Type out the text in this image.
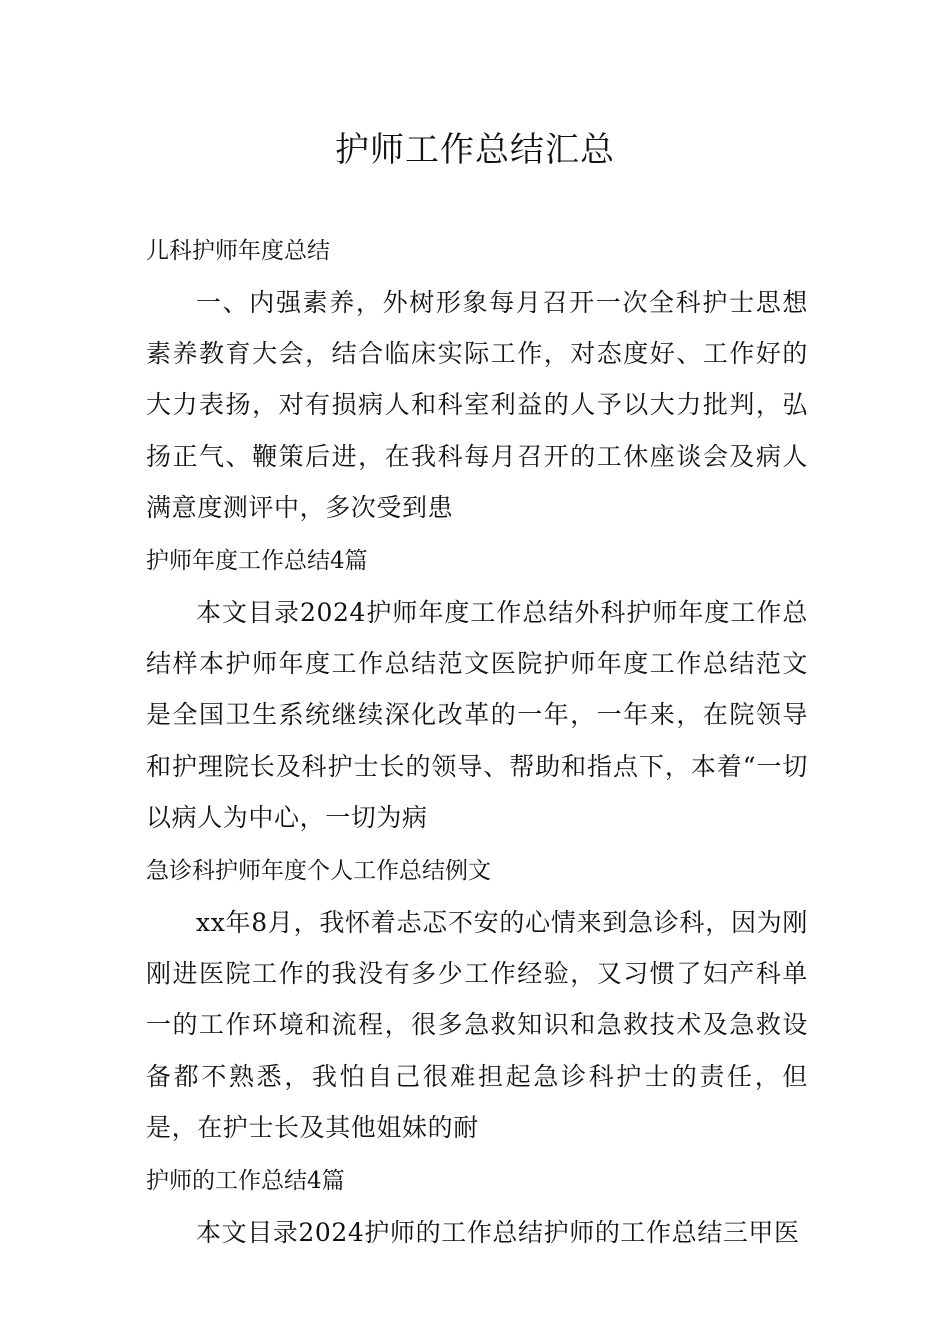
护师工作总结汇总
儿科护师年度总结

一、内强素养，外树形象每月召开一次全科护士思想素养教育大会，结合临床实际工作，对态度好、工作好的大力表扬，对有损病人和科室利益的人予以大力批判，弘扬正气、鞭策后进，在我科每月召开的工休座谈会及病人满意度测评中，多次受到患

护师年度工作总结4篇

本文目录2024护师年度工作总结外科护师年度工作总结样本护师年度工作总结范文医院护师年度工作总结范文是全国卫生系统继续深化改革的一年，一年来，在院领导和护理院长及科护士长的领导、帮助和指点下，本着“一切以病人为中心，一切为病

急诊科护师年度个人工作总结例文

xx年8月，我怀着忐忑不安的心情来到急诊科，因为刚刚进医院工作的我没有多少工作经验，又习惯了妇产科单一的工作环境和流程，很多急救知识和急救技术及急救设备都不熟悉，我怕自己很难担起急诊科护士的责任，但是，在护士长及其他姐妹的耐

护师的工作总结4篇

本文目录2024护师的工作总结护师的工作总结三甲医
